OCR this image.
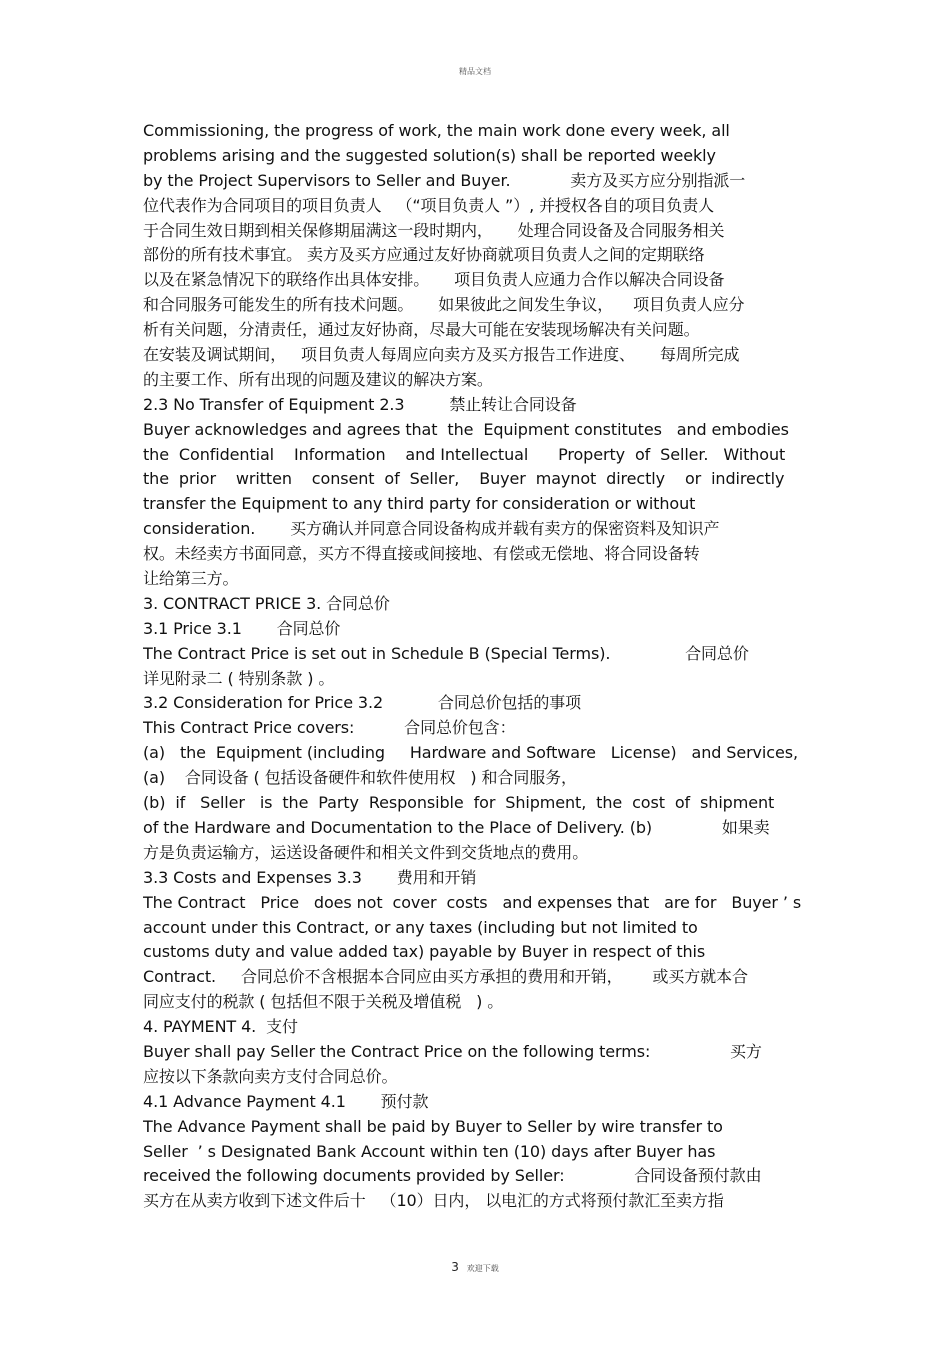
精品文档
Commissioning, the progress of work, the main work done every week, all
problems arising and the suggested solution(s) shall be reported weekly
by the Project Supervisors to Seller and Buyer.            卖方及买方应分别指派一
位代表作为合同项目的项目负责人   （“项目负责人 ”）, 并授权各自的项目负责人
于合同生效日期到相关保修期届满这一段时期内，     处理合同设备及合同服务相关
部份的所有技术事宜。 卖方及买方应通过友好协商就项目负责人之间的定期联络
以及在紧急情况下的联络作出具体安排。     项目负责人应通力合作以解决合同设备
和合同服务可能发生的所有技术问题。     如果彼此之间发生争议，    项目负责人应分
析有关问题，分清责任，通过友好协商，尽最大可能在安装现场解决有关问题。
在安装及调试期间，   项目负责人每周应向卖方及买方报告工作进度、     每周所完成
的主要工作、所有出现的问题及建议的解决方案。
2.3 No Transfer of Equipment 2.3         禁止转让合同设备
Buyer acknowledges and agrees that  the  Equipment constitutes   and embodies
the  Confidential    Information    and Intellectual      Property  of  Seller.   Without
the  prior    written    consent  of  Seller,    Buyer  maynot  directly    or  indirectly
transfer the Equipment to any third party for consideration or without
consideration.       买方确认并同意合同设备构成并载有卖方的保密资料及知识产
权。未经卖方书面同意，买方不得直接或间接地、有偿或无偿地、将合同设备转
让给第三方。
3. CONTRACT PRICE 3. 合同总价
3.1 Price 3.1       合同总价
The Contract Price is set out in Schedule B (Special Terms).               合同总价
详见附录二 ( 特别条款 ) 。
3.2 Consideration for Price 3.2           合同总价包括的事项
This Contract Price covers:          合同总价包含：
(a)   the  Equipment (including     Hardware and Software   License)   and Services,
(a)    合同设备 ( 包括设备硬件和软件使用权   ) 和合同服务，
(b)  if   Seller   is  the  Party  Responsible  for  Shipment,  the  cost  of  shipment
of the Hardware and Documentation to the Place of Delivery. (b)              如果卖
方是负责运输方，运送设备硬件和相关文件到交货地点的费用。
3.3 Costs and Expenses 3.3       费用和开销
The Contract   Price   does not  cover  costs   and expenses that   are for   Buyer ’ s
account under this Contract, or any taxes (including but not limited to
customs duty and value added tax) payable by Buyer in respect of this
Contract.     合同总价不含根据本合同应由买方承担的费用和开销，      或买方就本合
同应支付的税款 ( 包括但不限于关税及增值税   ) 。
4. PAYMENT 4.  支付
Buyer shall pay Seller the Contract Price on the following terms:                买方
应按以下条款向卖方支付合同总价。
4.1 Advance Payment 4.1       预付款
The Advance Payment shall be paid by Buyer to Seller by wire transfer to
Seller  ’ s Designated Bank Account within ten (10) days after Buyer has
received the following documents provided by Seller:              合同设备预付款由
买方在从卖方收到下述文件后十   （10）日内， 以电汇的方式将预付款汇至卖方指
3 欢迎下载
